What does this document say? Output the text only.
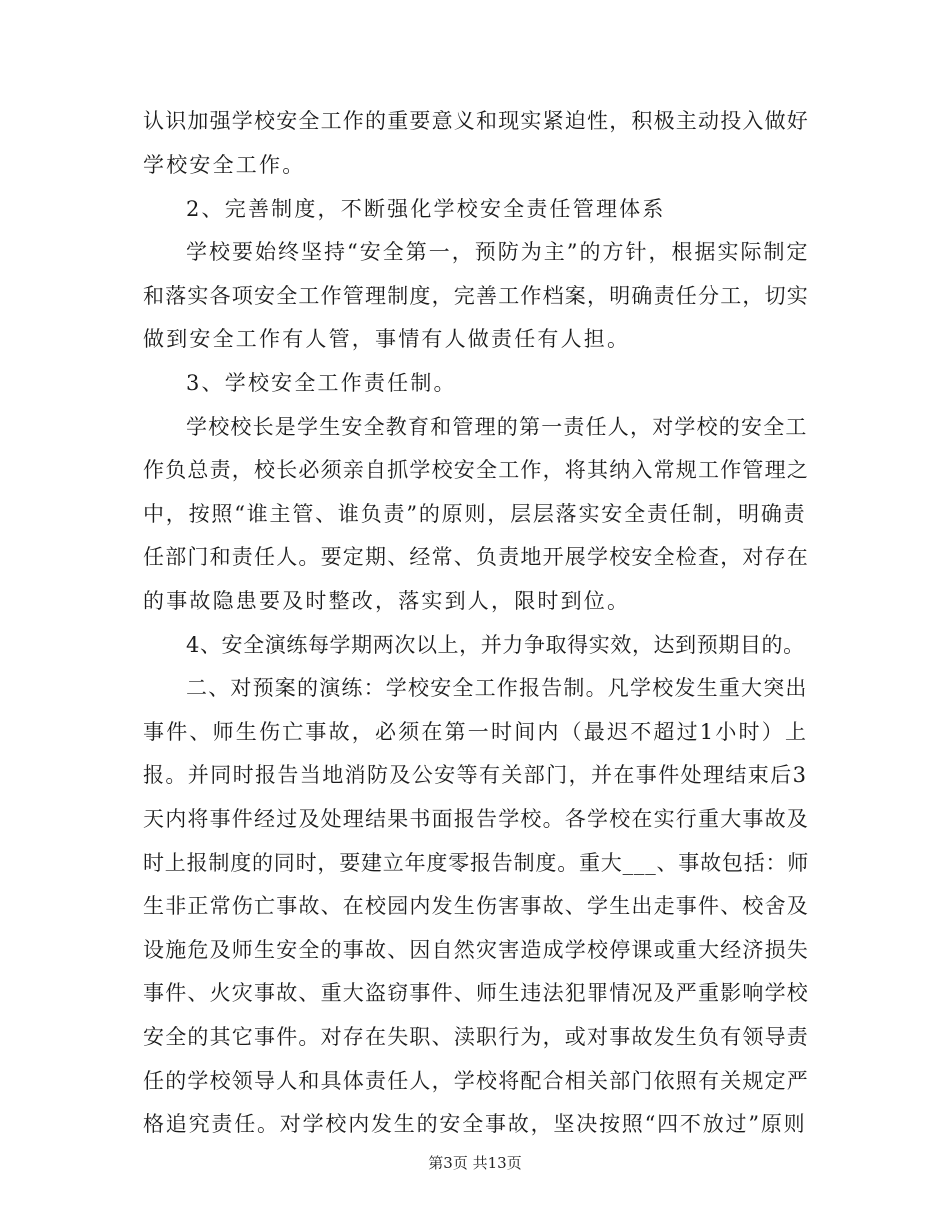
认识加强学校安全工作的重要意义和现实紧迫性，积极主动投入做好
学校安全工作。
2、完善制度，不断强化学校安全责任管理体系
学校要始终坚持“安全第一，预防为主”的方针，根据实际制定
和落实各项安全工作管理制度，完善工作档案，明确责任分工，切实
做到安全工作有人管，事情有人做责任有人担。
3、学校安全工作责任制。
学校校长是学生安全教育和管理的第一责任人，对学校的安全工
作负总责，校长必须亲自抓学校安全工作，将其纳入常规工作管理之
中，按照“谁主管、谁负责”的原则，层层落实安全责任制，明确责
任部门和责任人。要定期、经常、负责地开展学校安全检查，对存在
的事故隐患要及时整改，落实到人，限时到位。
4、安全演练每学期两次以上，并力争取得实效，达到预期目的。
二、对预案的演练：学校安全工作报告制。凡学校发生重大突出
事件、师生伤亡事故，必须在第一时间内（最迟不超过1小时）上
报。并同时报告当地消防及公安等有关部门，并在事件处理结束后3
天内将事件经过及处理结果书面报告学校。各学校在实行重大事故及
时上报制度的同时，要建立年度零报告制度。重大___、事故包括：师
生非正常伤亡事故、在校园内发生伤害事故、学生出走事件、校舍及
设施危及师生安全的事故、因自然灾害造成学校停课或重大经济损失
事件、火灾事故、重大盗窃事件、师生违法犯罪情况及严重影响学校
安全的其它事件。对存在失职、渎职行为，或对事故发生负有领导责
任的学校领导人和具体责任人，学校将配合相关部门依照有关规定严
格追究责任。对学校内发生的安全事故，坚决按照“四不放过”原则
第3页 共13页
